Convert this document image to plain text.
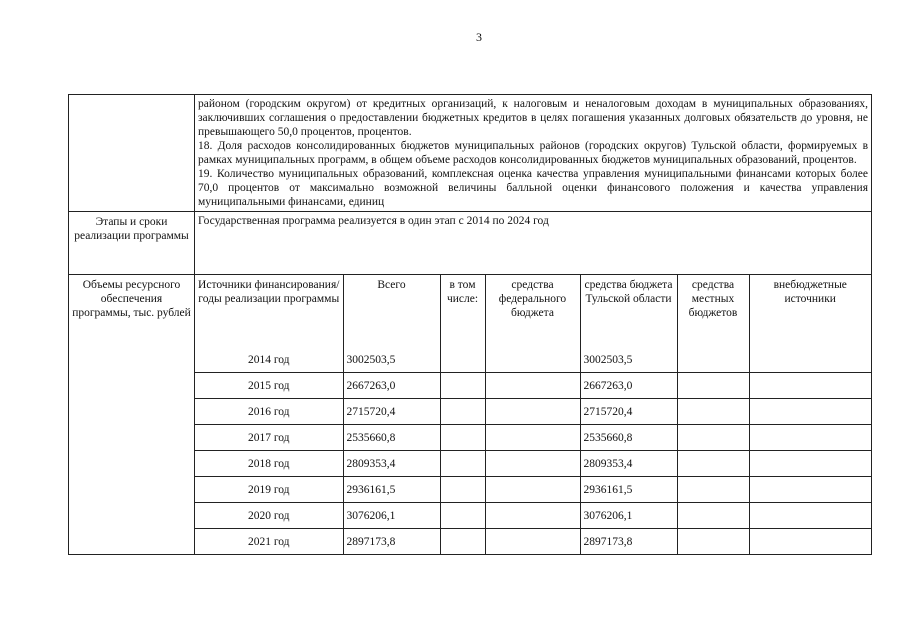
3

районом (городским округом) от кредитных организаций, к налоговым и неналоговым доходам в муниципальных образованиях, заключивших соглашения о предоставлении бюджетных кредитов в целях погашения указанных долговых обязательств до уровня, не превышающего 50,0 процентов, процентов.
18. Доля расходов консолидированных бюджетов муниципальных районов (городских округов) Тульской области, формируемых в рамках муниципальных программ, в общем объеме расходов консолидированных бюджетов муниципальных образований, процентов.
19. Количество муниципальных образований, комплексная оценка качества управления муниципальными финансами которых более 70,0 процентов от максимально возможной величины балльной оценки финансового положения и качества управления муниципальными финансами, единиц

Этапы и сроки реализации программы	Государственная программа реализуется в один этап с 2014 по 2024 год
Объемы ресурсного обеспечения программы, тыс. рублей	
Источники финансирования/годы реализации программы	Всего	в том числе:	средства федерального бюджета	средства бюджета Тульской области	средства местных бюджетов	внебюджетные источники
2014 год	3002503,5			3002503,5		
2015 год	2667263,0			2667263,0		
2016 год	2715720,4			2715720,4		
2017 год	2535660,8			2535660,8		
2018 год	2809353,4			2809353,4		
2019 год	2936161,5			2936161,5		
2020 год	3076206,1			3076206,1		
2021 год	2897173,8			2897173,8		
